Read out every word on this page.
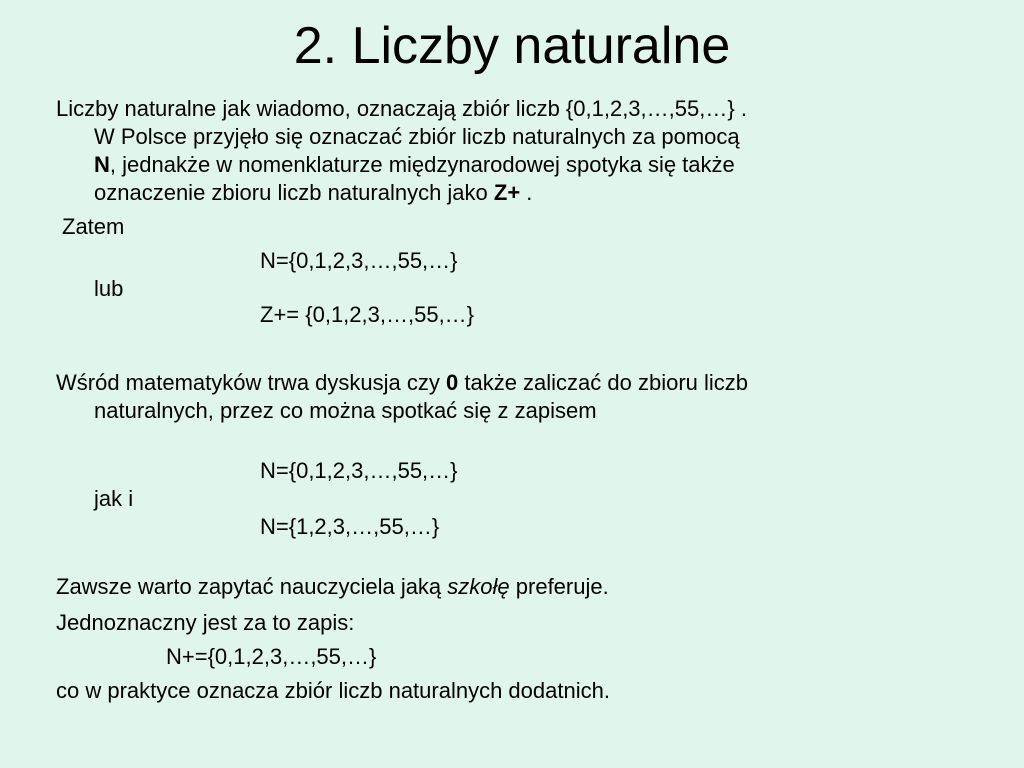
2. Liczby naturalne

Liczby naturalne jak wiadomo, oznaczają zbiór liczb {0,1,2,3,…,55,…} .

W Polsce przyjęło się oznaczać zbiór liczb naturalnych za pomocą

N, jednakże w nomenklaturze międzynarodowej spotyka się także

oznaczenie zbioru liczb naturalnych jako Z+ .

Zatem

N={0,1,2,3,…,55,…}

lub

Z+= {0,1,2,3,…,55,…}

Wśród matematyków trwa dyskusja czy 0 także zaliczać do zbioru liczb

naturalnych, przez co można spotkać się z zapisem

N={0,1,2,3,…,55,…}

jak i

N={1,2,3,…,55,…}

Zawsze warto zapytać nauczyciela jaką szkołę preferuje.

Jednoznaczny jest za to zapis:

N+={0,1,2,3,…,55,…}

co w praktyce oznacza zbiór liczb naturalnych dodatnich.
